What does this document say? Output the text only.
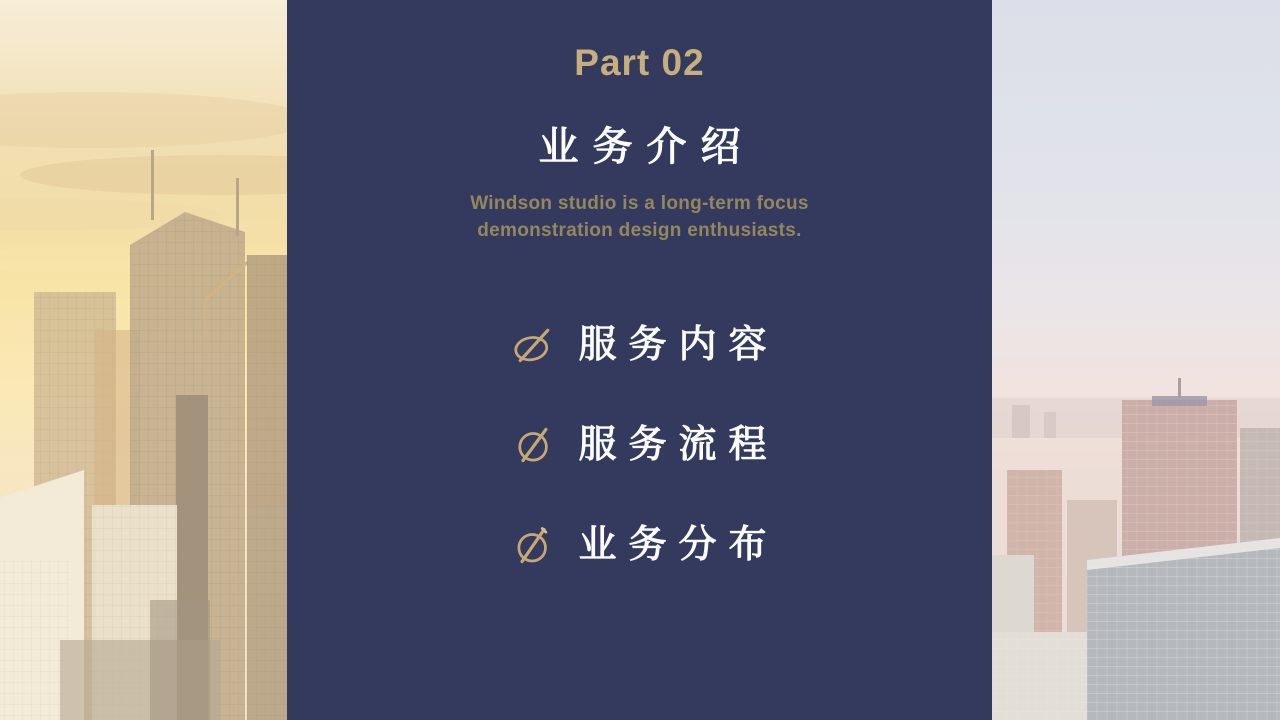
Part 02
业务介绍

Windson studio is a long-term focus
demonstration design enthusiasts.

服务内容
服务流程
业务分布
